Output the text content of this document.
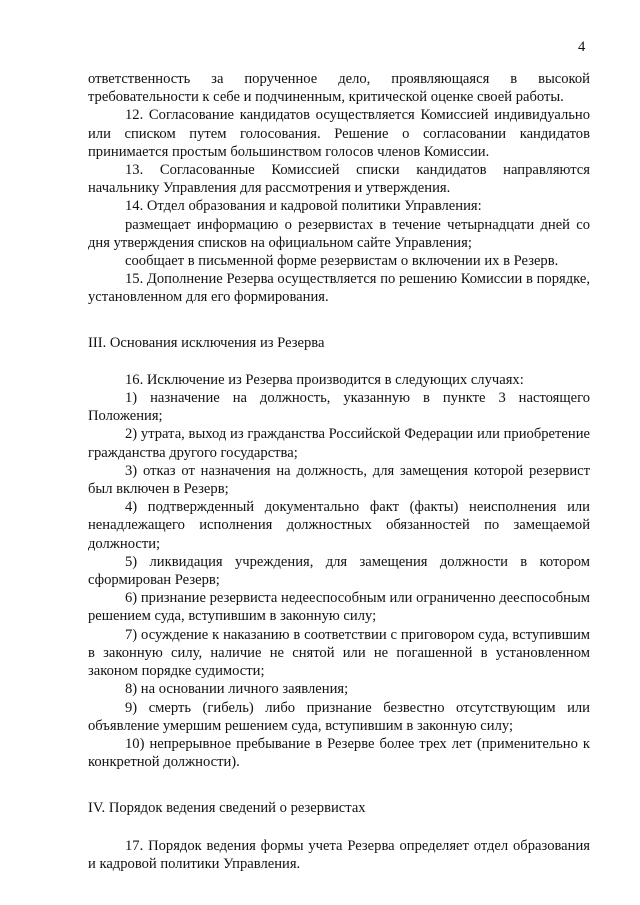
4

ответственность за порученное дело, проявляющаяся в высокой требовательности к себе и подчиненным, критической оценке своей работы.

12. Согласование кандидатов осуществляется Комиссией индивидуально или списком путем голосования. Решение о согласовании кандидатов принимается простым большинством голосов членов Комиссии.

13. Согласованные Комиссией списки кандидатов направляются начальнику Управления для рассмотрения и утверждения.

14. Отдел образования и кадровой политики Управления:

размещает информацию о резервистах в течение четырнадцати дней со дня утверждения списков на официальном сайте Управления;

сообщает в письменной форме резервистам о включении их в Резерв.

15. Дополнение Резерва осуществляется по решению Комиссии в порядке, установленном для его формирования.

III. Основания исключения из Резерва

16. Исключение из Резерва производится в следующих случаях:

1) назначение на должность, указанную в пункте 3 настоящего Положения;

2) утрата, выход из гражданства Российской Федерации или приобретение гражданства другого государства;

3) отказ от назначения на должность, для замещения которой резервист был включен в Резерв;

4) подтвержденный документально факт (факты) неисполнения или ненадлежащего исполнения должностных обязанностей по замещаемой должности;

5) ликвидация учреждения, для замещения должности в котором сформирован Резерв;

6) признание резервиста недееспособным или ограниченно дееспособным решением суда, вступившим в законную силу;

7) осуждение к наказанию в соответствии с приговором суда, вступившим в законную силу, наличие не снятой или не погашенной в установленном законом порядке судимости;

8) на основании личного заявления;

9) смерть (гибель) либо признание безвестно отсутствующим или объявление умершим решением суда, вступившим в законную силу;

10) непрерывное пребывание в Резерве более трех лет (применительно к конкретной должности).

IV. Порядок ведения сведений о резервистах

17. Порядок ведения формы учета Резерва определяет отдел образования и кадровой политики Управления.
